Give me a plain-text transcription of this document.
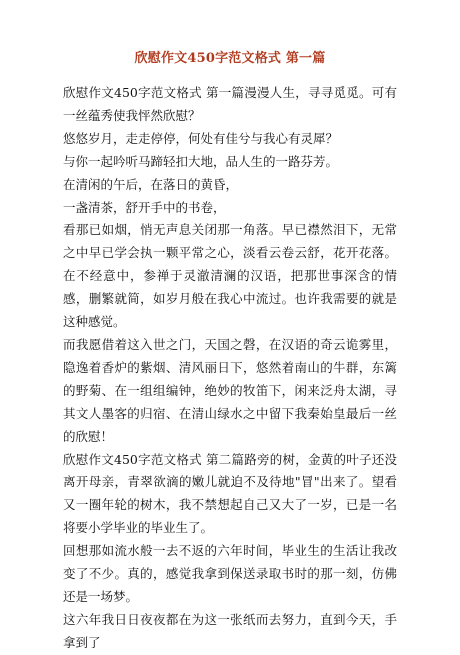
欣慰作文450字范文格式 第一篇

欣慰作文450字范文格式 第一篇漫漫人生，寻寻觅觅。可有一丝蕴秀使我怦然欣慰？

悠悠岁月，走走停停，何处有佳兮与我心有灵犀？

与你一起吟听马蹄轻扣大地，品人生的一路芬芳。

在清闲的午后，在落日的黄昏，

一盏清茶，舒开手中的书卷，

看那已如烟，悄无声息关闭那一角落。早已襟然泪下，无常之中早已学会执一颗平常之心，淡看云卷云舒，花开花落。在不经意中，参禅于灵澈清澜的汉语，把那世事深含的情感，删繁就简，如岁月般在我心中流过。也许我需要的就是这种感觉。

而我愿借着这入世之门，天国之磬，在汉语的奇云诡雾里，隐逸着香炉的紫烟、清风丽日下，悠然着南山的牛群，东篱的野菊、在一组组编钟，绝妙的牧笛下，闲来泛舟太湖，寻其文人墨客的归宿、在清山绿水之中留下我秦始皇最后一丝的欣慰！

欣慰作文450字范文格式 第二篇路旁的树，金黄的叶子还没离开母亲，青翠欲滴的嫩儿就迫不及待地"冒"出来了。望看又一圈年轮的树木，我不禁想起自己又大了一岁，已是一名将要小学毕业的毕业生了。

回想那如流水般一去不返的六年时间，毕业生的生活让我改变了不少。真的，感觉我拿到保送录取书时的那一刻，仿佛还是一场梦。

这六年我日日夜夜都在为这一张纸而去努力，直到今天，手拿到了
